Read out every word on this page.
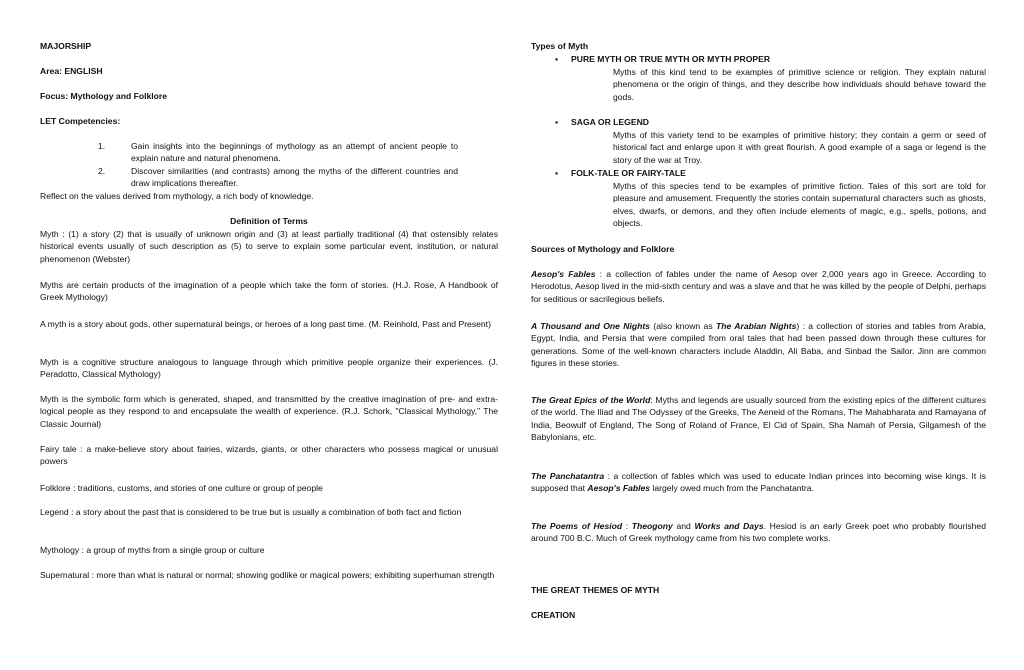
MAJORSHIP
Area: ENGLISH
Focus: Mythology and Folklore
LET Competencies:
1.	Gain insights into the beginnings of mythology as an attempt of ancient people to explain nature and natural phenomena.
2.	Discover similarities (and contrasts) among the myths of the different countries and draw implications thereafter.
Reflect on the values derived from mythology, a rich body of knowledge.
Definition of Terms
Myth : (1) a story (2) that is usually of unknown origin and (3) at least partially traditional (4) that ostensibly relates historical events usually of such description as (5) to serve to explain some particular event, institution, or natural phenomenon (Webster)
Myths are certain products of the imagination of a people which take the form of stories. (H.J. Rose, A Handbook of Greek Mythology)
A myth is a story about gods, other supernatural beings, or heroes of a long past time. (M. Reinhold, Past and Present)
Myth is a cognitive structure analogous to language through which primitive people organize their experiences. (J. Peradotto, Classical Mythology)
Myth is the symbolic form which is generated, shaped, and transmitted by the creative imagination of pre- and extra-logical people as they respond to and encapsulate the wealth of experience. (R.J. Schork, "Classical Mythology," The Classic Journal)
Fairy tale : a make-believe story about fairies, wizards, giants, or other characters who possess magical or unusual powers
Folklore : traditions, customs, and stories of one culture or group of people
Legend : a story about the past that is considered to be true but is usually a combination of both fact and fiction
Mythology : a group of myths from a single group or culture
Supernatural : more than what is natural or normal; showing godlike or magical powers; exhibiting superhuman strength
Types of Myth
▪ PURE MYTH OR TRUE MYTH OR MYTH PROPER
Myths of this kind tend to be examples of primitive science or religion. They explain natural phenomena or the origin of things, and they describe how individuals should behave toward the gods.
▪ SAGA OR LEGEND
Myths of this variety tend to be examples of primitive history; they contain a germ or seed of historical fact and enlarge upon it with great flourish. A good example of a saga or legend is the story of the war at Troy.
▪ FOLK-TALE OR FAIRY-TALE
Myths of this species tend to be examples of primitive fiction. Tales of this sort are told for pleasure and amusement. Frequently the stories contain supernatural characters such as ghosts, elves, dwarfs, or demons, and they often include elements of magic, e.g., spells, potions, and objects.
Sources of Mythology and Folklore
Aesop's Fables : a collection of fables under the name of Aesop over 2,000 years ago in Greece. According to Herodotus, Aesop lived in the mid-sixth century and was a slave and that he was killed by the people of Delphi, perhaps for seditious or sacrilegious beliefs.
A Thousand and One Nights (also known as The Arabian Nights) : a collection of stories and tables from Arabia, Egypt, India, and Persia that were compiled from oral tales that had been passed down through these cultures for generations. Some of the well-known characters include Aladdin, Ali Baba, and Sinbad the Sailor. Jinn are common figures in these stories.
The Great Epics of the World: Myths and legends are usually sourced from the existing epics of the different cultures of the world. The Iliad and The Odyssey of the Greeks, The Aeneid of the Romans, The Mahabharata and Ramayana of India, Beowulf of England, The Song of Roland of France, El Cid of Spain, Sha Namah of Persia, Gilgamesh of the Babylonians, etc.
The Panchatantra : a collection of fables which was used to educate Indian princes into becoming wise kings. It is supposed that Aesop's Fables largely owed much from the Panchatantra.
The Poems of Hesiod : Theogony and Works and Days. Hesiod is an early Greek poet who probably flourished around 700 B.C. Much of Greek mythology came from his two complete works.
THE GREAT THEMES OF MYTH
CREATION
